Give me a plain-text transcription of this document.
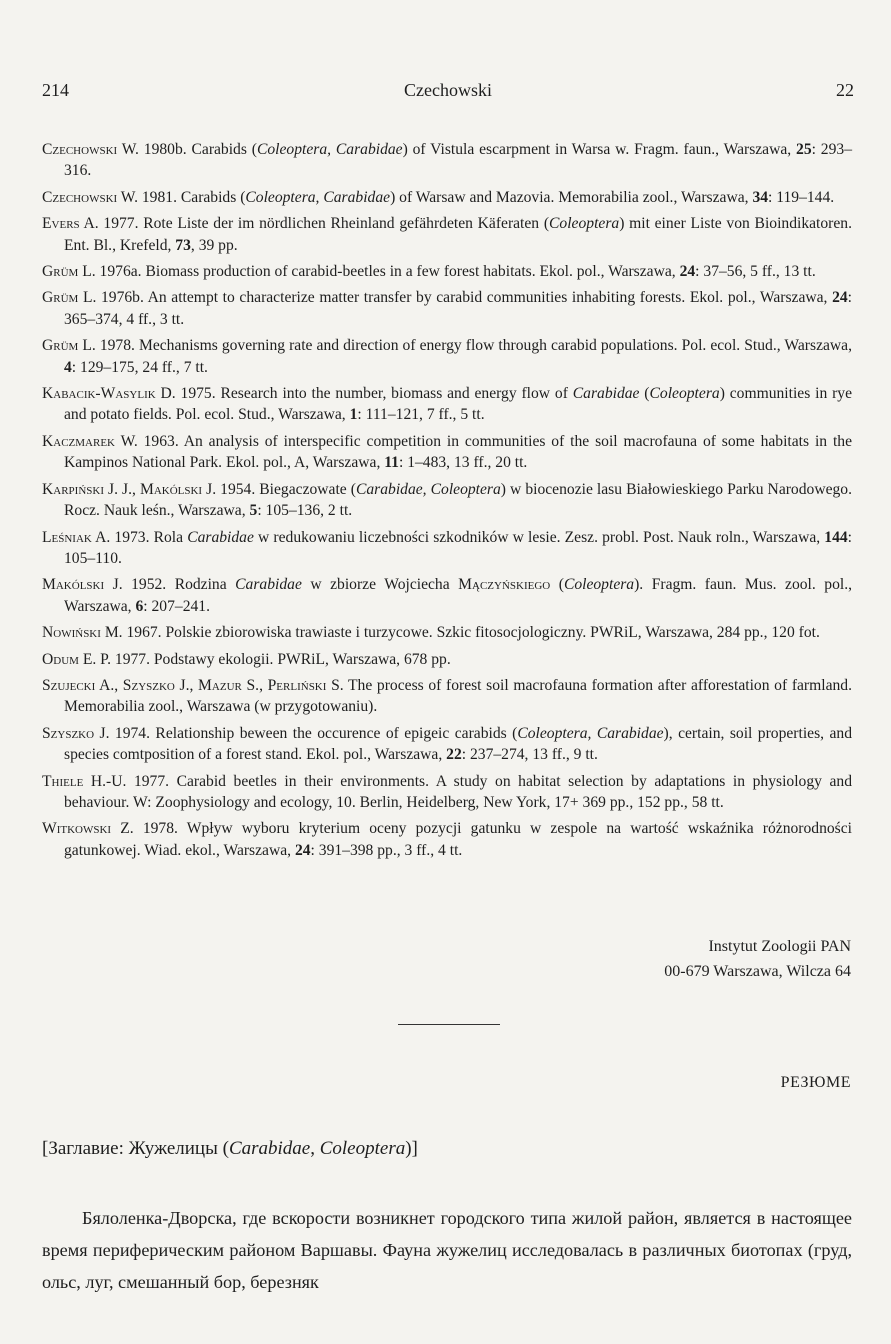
214	Czechowski	22
Czechowski W. 1980b. Carabids (Coleoptera, Carabidae) of Vistula escarpment in Warsa w. Fragm. faun., Warszawa, 25: 293–316.
Czechowski W. 1981. Carabids (Coleoptera, Carabidae) of Warsaw and Mazovia. Memorabilia zool., Warszawa, 34: 119–144.
Evers A. 1977. Rote Liste der im nördlichen Rheinland gefährdeten Käferaten (Coleoptera) mit einer Liste von Bioindikatoren. Ent. Bl., Krefeld, 73, 39 pp.
Grüm L. 1976a. Biomass production of carabid-beetles in a few forest habitats. Ekol. pol., Warszawa, 24: 37–56, 5 ff., 13 tt.
Grüm L. 1976b. An attempt to characterize matter transfer by carabid communities inhabiting forests. Ekol. pol., Warszawa, 24: 365–374, 4 ff., 3 tt.
Grüm L. 1978. Mechanisms governing rate and direction of energy flow through carabid populations. Pol. ecol. Stud., Warszawa, 4: 129–175, 24 ff., 7 tt.
Kabacik-Wasylik D. 1975. Research into the number, biomass and energy flow of Carabidae (Coleoptera) communities in rye and potato fields. Pol. ecol. Stud., Warszawa, 1: 111–121, 7 ff., 5 tt.
Kaczmarek W. 1963. An analysis of interspecific competition in communities of the soil macrofauna of some habitats in the Kampinos National Park. Ekol. pol., A, Warszawa, 11: 1–483, 13 ff., 20 tt.
Karpiński J. J., Makólski J. 1954. Biegaczowate (Carabidae, Coleoptera) w biocenozie lasu Białowieskiego Parku Narodowego. Rocz. Nauk leśn., Warszawa, 5: 105–136, 2 tt.
Leśniak A. 1973. Rola Carabidae w redukowaniu liczebności szkodników w lesie. Zesz. probl. Post. Nauk roln., Warszawa, 144: 105–110.
Makólski J. 1952. Rodzina Carabidae w zbiorze Wojciecha Mączyńskiego (Coleoptera). Fragm. faun. Mus. zool. pol., Warszawa, 6: 207–241.
Nowiński M. 1967. Polskie zbiorowiska trawiaste i turzycowe. Szkic fitosocjologiczny. PWRiL, Warszawa, 284 pp., 120 fot.
Odum E. P. 1977. Podstawy ekologii. PWRiL, Warszawa, 678 pp.
Szujecki A., Szyszko J., Mazur S., Perliński S. The process of forest soil macrofauna formation after afforestation of farmland. Memorabilia zool., Warszawa (w przygotowaniu).
Szyszko J. 1974. Relationship beween the occurence of epigeic carabids (Coleoptera, Carabidae), certain, soil properties, and species comtposition of a forest stand. Ekol. pol., Warszawa, 22: 237–274, 13 ff., 9 tt.
Thiele H.-U. 1977. Carabid beetles in their environments. A study on habitat selection by adaptations in physiology and behaviour. W: Zoophysiology and ecology, 10. Berlin, Heidelberg, New York, 17+ 369 pp., 152 pp., 58 tt.
Witkowski Z. 1978. Wpływ wyboru kryterium oceny pozycji gatunku w zespole na wartość wskaźnika różnorodności gatunkowej. Wiad. ekol., Warszawa, 24: 391–398 pp., 3 ff., 4 tt.
Instytut Zoologii PAN
00-679 Warszawa, Wilcza 64
РЕЗЮМЕ
[Заглавие: Жужелицы (Carabidae, Coleoptera)]
Бялоленка-Дворска, где вскорости возникнет городского типа жилой район, является в настоящее время периферическим районом Варшавы. Фауна жужелиц исследовалась в различных биотопах (груд, ольс, луг, смешанный бор, березняк
